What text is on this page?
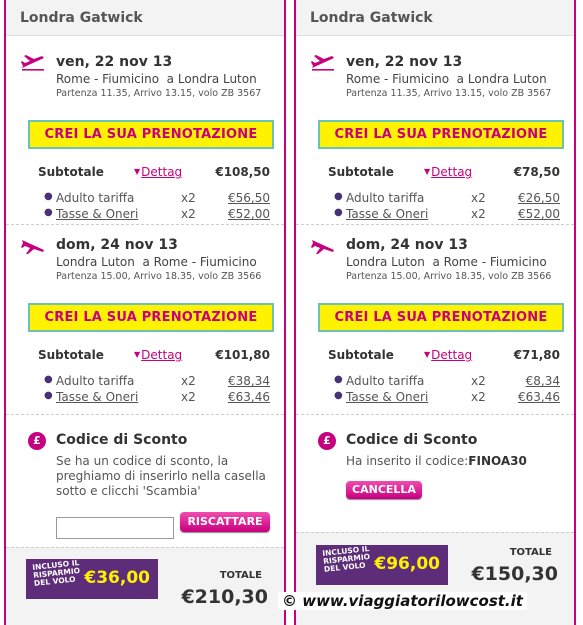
Londra Gatwick
ven, 22 nov 13
Rome - Fiumicino  a Londra Luton
Partenza 11.35, Arrivo 13.15, volo ZB 3567
CREI LA SUA PRENOTAZIONE
Subtotale	▼Dettag	€108,50
● Adulto tariffa	x2	€56,50
● Tasse & Oneri	x2	€52,00
dom, 24 nov 13
Londra Luton  a Rome - Fiumicino
Partenza 15.00, Arrivo 18.35, volo ZB 3566
CREI LA SUA PRENOTAZIONE
Subtotale	▼Dettag	€101,80
● Adulto tariffa	x2	€38,34
● Tasse & Oneri	x2	€63,46
£	Codice di Sconto
Se ha un codice di sconto, la preghiamo di inserirlo nella casella sotto e clicchi 'Scambia'
RISCATTARE
INCLUSO IL RISPARMIO DEL VOLO €36,00	TOTALE
€210,30
Londra Gatwick
ven, 22 nov 13
Rome - Fiumicino  a Londra Luton
Partenza 11.35, Arrivo 13.15, volo ZB 3567
CREI LA SUA PRENOTAZIONE
Subtotale	▼Dettag	€78,50
● Adulto tariffa	x2	€26,50
● Tasse & Oneri	x2	€52,00
dom, 24 nov 13
Londra Luton  a Rome - Fiumicino
Partenza 15.00, Arrivo 18.35, volo ZB 3566
CREI LA SUA PRENOTAZIONE
Subtotale	▼Dettag	€71,80
● Adulto tariffa	x2	€8,34
● Tasse & Oneri	x2	€63,46
£	Codice di Sconto
Ha inserito il codice:FINOA30
CANCELLA
INCLUSO IL RISPARMIO DEL VOLO €96,00
TOTALE
€150,30
© www.viaggiatorilowcost.it
